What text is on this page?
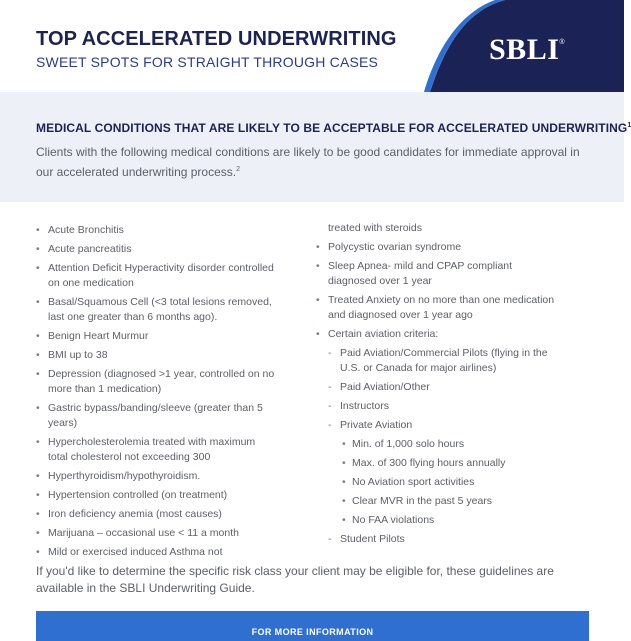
TOP ACCELERATED UNDERWRITING
SWEET SPOTS FOR STRAIGHT THROUGH CASES	SBLI®
MEDICAL CONDITIONS THAT ARE LIKELY TO BE ACCEPTABLE FOR ACCELERATED UNDERWRITING$^1$
Clients with the following medical conditions are likely to be good candidates for immediate approval in our accelerated underwriting process.$^2$
• Acute Bronchitis
• Acute pancreatitis
• Attention Deficit Hyperactivity disorder controlled on one medication
• Basal/Squamous Cell (<3 total lesions removed, last one greater than 6 months ago).
• Benign Heart Murmur
• BMI up to 38
• Depression (diagnosed >1 year, controlled on no more than 1 medication)
• Gastric bypass/banding/sleeve (greater than 5 years)
• Hypercholesterolemia treated with maximum total cholesterol not exceeding 300
• Hyperthyroidism/hypothyroidism.
• Hypertension controlled (on treatment)
• Iron deficiency anemia (most causes)
• Marijuana – occasional use < 11 a month
• Mild or exercised induced Asthma not
treated with steroids
• Polycystic ovarian syndrome
• Sleep Apnea- mild and CPAP compliant diagnosed over 1 year
• Treated Anxiety on no more than one medication and diagnosed over 1 year ago
• Certain aviation criteria:
- Paid Aviation/Commercial Pilots (flying in the U.S. or Canada for major airlines)
- Paid Aviation/Other
- Instructors
- Private Aviation
• Min. of 1,000 solo hours
• Max. of 300 flying hours annually
• No Aviation sport activities
• Clear MVR in the past 5 years
• No FAA violations
- Student Pilots
If you'd like to determine the specific risk class your client may be eligible for, these guidelines are available in the SBLI Underwriting Guide.
FOR MORE INFORMATION
